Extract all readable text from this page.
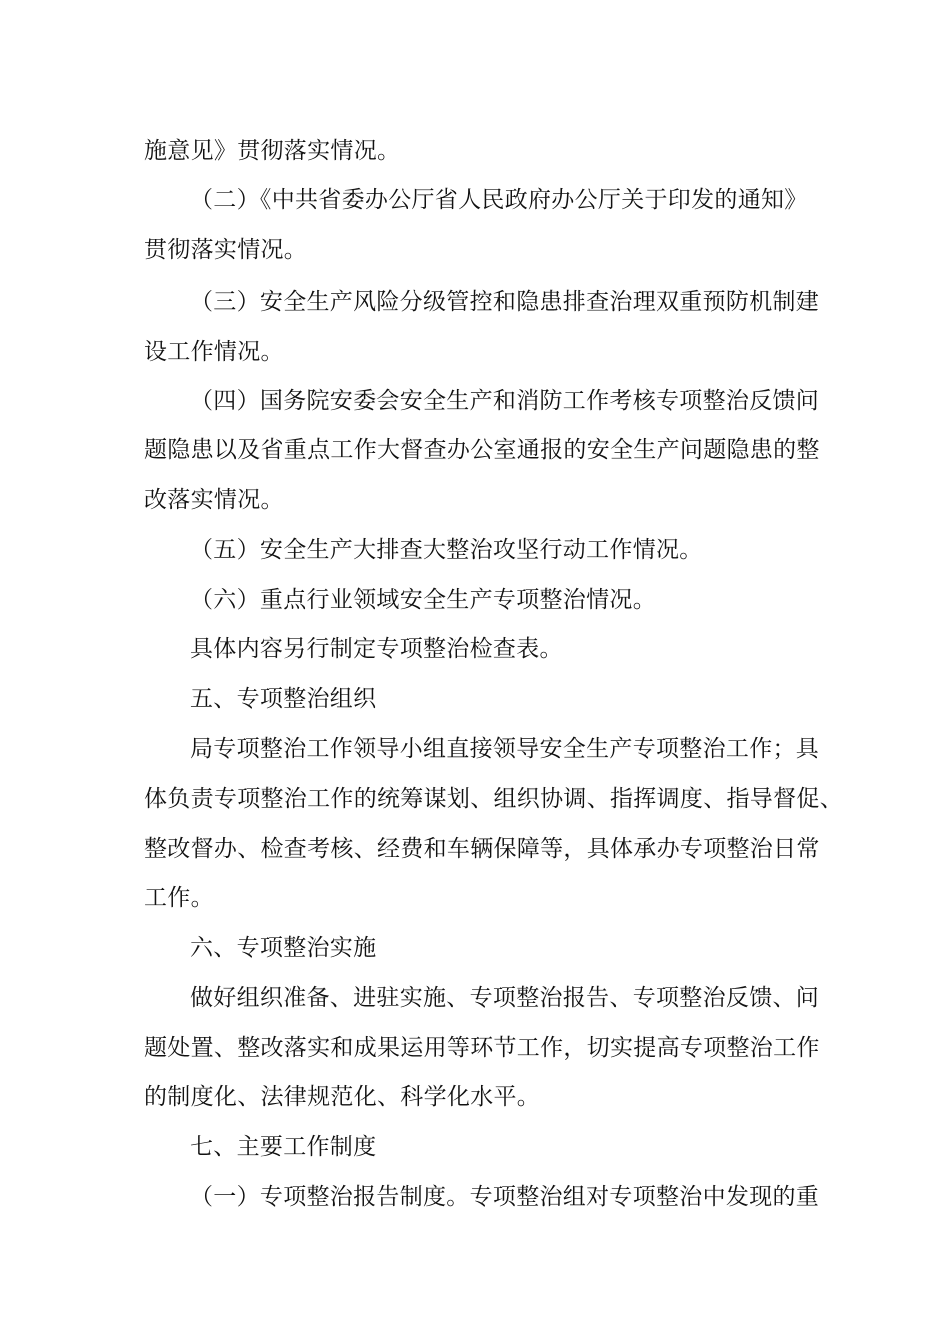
施意见》贯彻落实情况。
（二）《中共省委办公厅省人民政府办公厅关于印发的通知》
贯彻落实情况。
（三）安全生产风险分级管控和隐患排查治理双重预防机制建
设工作情况。
（四）国务院安委会安全生产和消防工作考核专项整治反馈问
题隐患以及省重点工作大督查办公室通报的安全生产问题隐患的整
改落实情况。
（五）安全生产大排查大整治攻坚行动工作情况。
（六）重点行业领域安全生产专项整治情况。
具体内容另行制定专项整治检查表。
五、专项整治组织
局专项整治工作领导小组直接领导安全生产专项整治工作；具
体负责专项整治工作的统筹谋划、组织协调、指挥调度、指导督促、
整改督办、检查考核、经费和车辆保障等，具体承办专项整治日常
工作。
六、专项整治实施
做好组织准备、进驻实施、专项整治报告、专项整治反馈、问
题处置、整改落实和成果运用等环节工作，切实提高专项整治工作
的制度化、法律规范化、科学化水平。
七、主要工作制度
（一）专项整治报告制度。专项整治组对专项整治中发现的重
